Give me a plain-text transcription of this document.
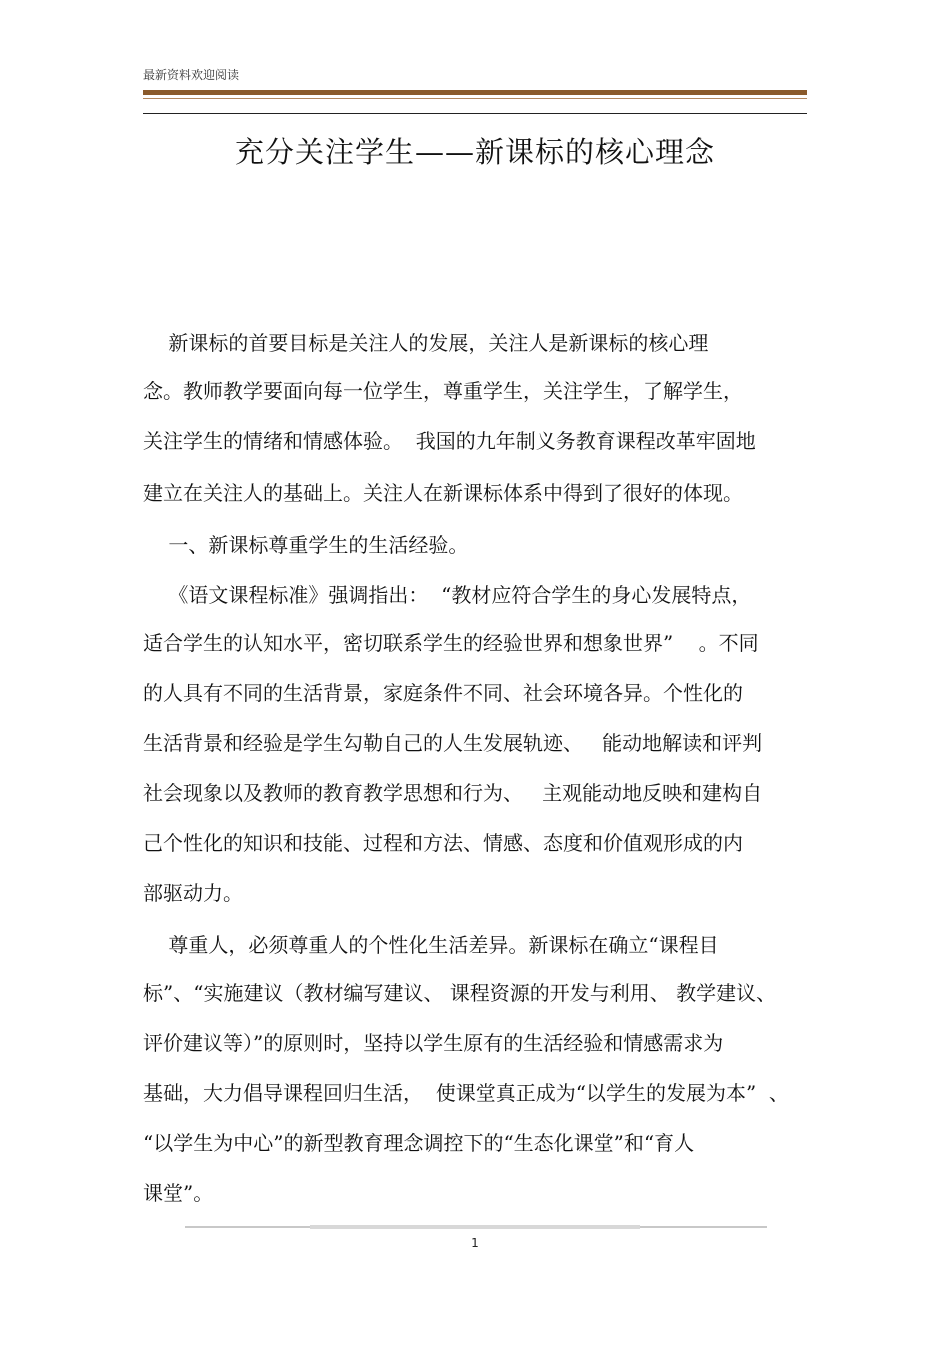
最新资料欢迎阅读
充分关注学生——新课标的核心理念
新课标的首要目标是关注人的发展，关注人是新课标的核心理
念。教师教学要面向每一位学生，尊重学生，关注学生，了解学生，
关注学生的情绪和情感体验。  我国的九年制义务教育课程改革牢固地
建立在关注人的基础上。关注人在新课标体系中得到了很好的体现。
一、新课标尊重学生的生活经验。
《语文课程标准》强调指出：  “教材应符合学生的身心发展特点，
适合学生的认知水平，密切联系学生的经验世界和想象世界”    。不同
的人具有不同的生活背景，家庭条件不同、社会环境各异。个性化的
生活背景和经验是学生勾勒自己的人生发展轨迹、   能动地解读和评判
社会现象以及教师的教育教学思想和行为、   主观能动地反映和建构自
己个性化的知识和技能、过程和方法、情感、态度和价值观形成的内
部驱动力。
尊重人，必须尊重人的个性化生活差异。新课标在确立“课程目
标”、“实施建议（教材编写建议、 课程资源的开发与利用、 教学建议、
评价建议等）”的原则时，坚持以学生原有的生活经验和情感需求为
基础，大力倡导课程回归生活，  使课堂真正成为“以学生的发展为本”  、
“以学生为中心”的新型教育理念调控下的“生态化课堂”和“育人
课堂”。
1
